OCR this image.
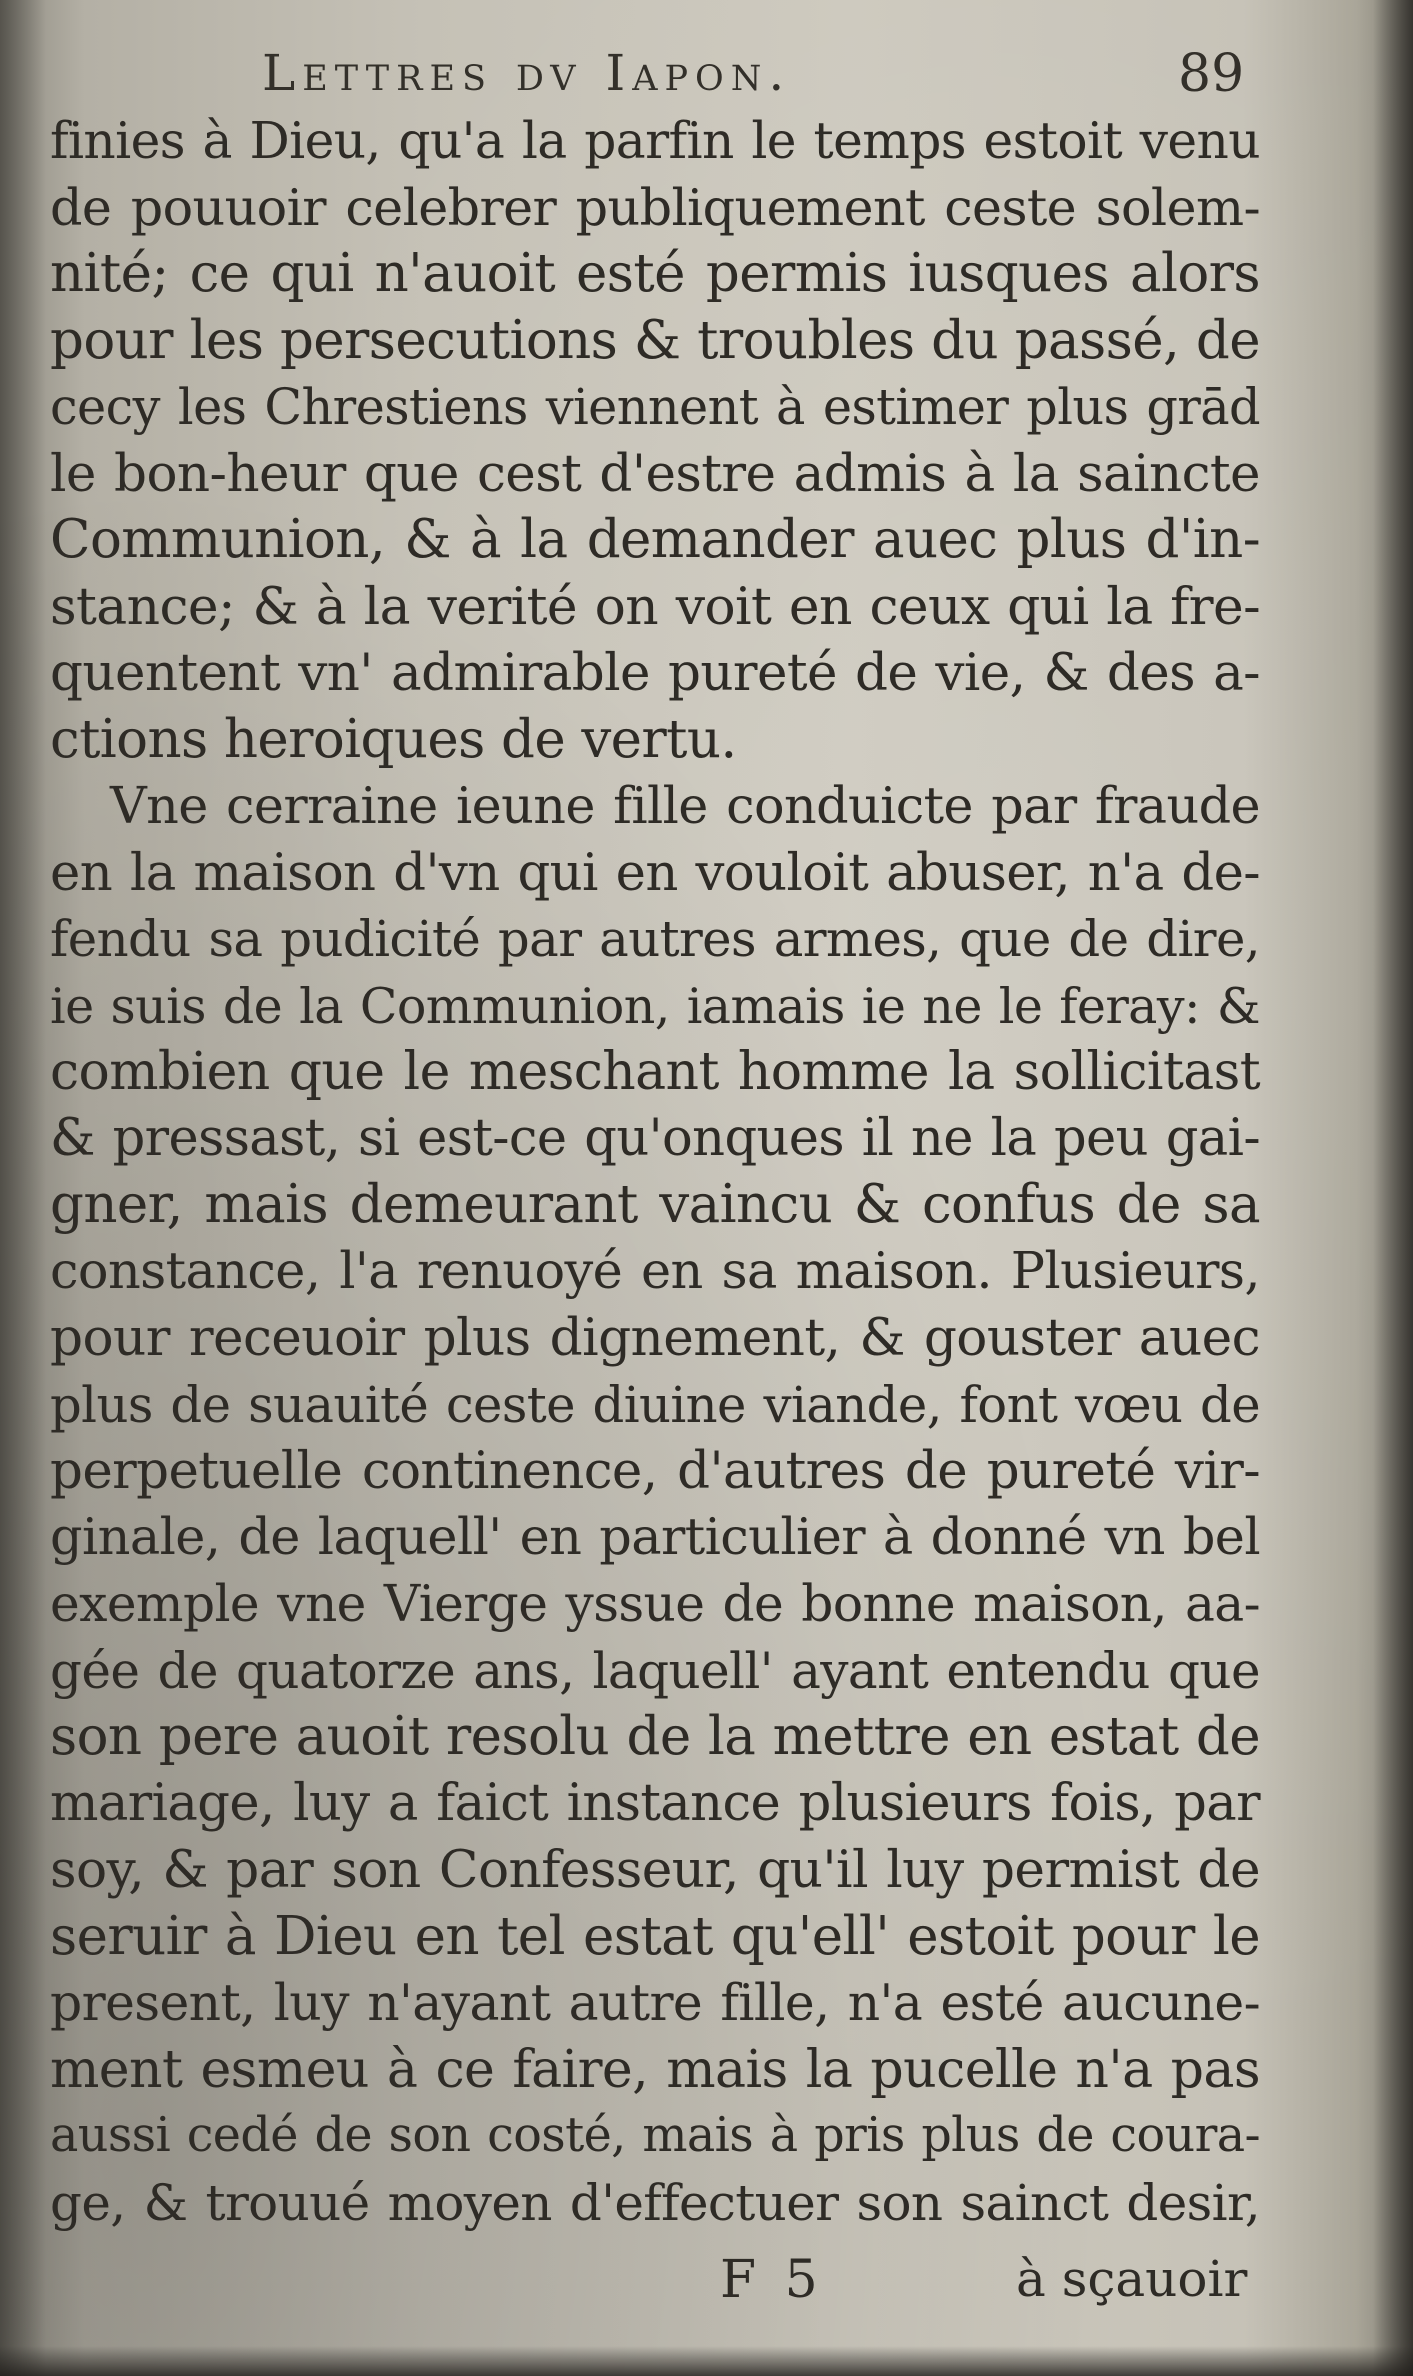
Lettres dv Iapon.	89
finies à Dieu, qu'a la parfin le temps estoit venu
de pouuoir celebrer publiquement ceste solem-
nité; ce qui n'auoit esté permis iusques alors
pour les persecutions & troubles du passé, de
cecy les Chrestiens viennent à estimer plus grād
le bon-heur que cest d'estre admis à la saincte
Communion, & à la demander auec plus d'in-
stance; & à la verité on voit en ceux qui la fre-
quentent vn' admirable pureté de vie, & des a-
ctions heroiques de vertu.
Vne cerraine ieune fille conduicte par fraude
en la maison d'vn qui en vouloit abuser, n'a de-
fendu sa pudicité par autres armes, que de dire,
ie suis de la Communion, iamais ie ne le feray: &
combien que le meschant homme la sollicitast
& pressast, si est-ce qu'onques il ne la peu gai-
gner, mais demeurant vaincu & confus de sa
constance, l'a renuoyé en sa maison. Plusieurs,
pour receuoir plus dignement, & gouster auec
plus de suauité ceste diuine viande, font vœu de
perpetuelle continence, d'autres de pureté vir-
ginale, de laquell' en particulier à donné vn bel
exemple vne Vierge yssue de bonne maison, aa-
gée de quatorze ans, laquell' ayant entendu que
son pere auoit resolu de la mettre en estat de
mariage, luy a faict instance plusieurs fois, par
soy, & par son Confesseur, qu'il luy permist de
seruir à Dieu en tel estat qu'ell' estoit pour le
present, luy n'ayant autre fille, n'a esté aucune-
ment esmeu à ce faire, mais la pucelle n'a pas
aussi cedé de son costé, mais à pris plus de coura-
ge, & trouué moyen d'effectuer son sainct desir,
F 5	à sçauoir
